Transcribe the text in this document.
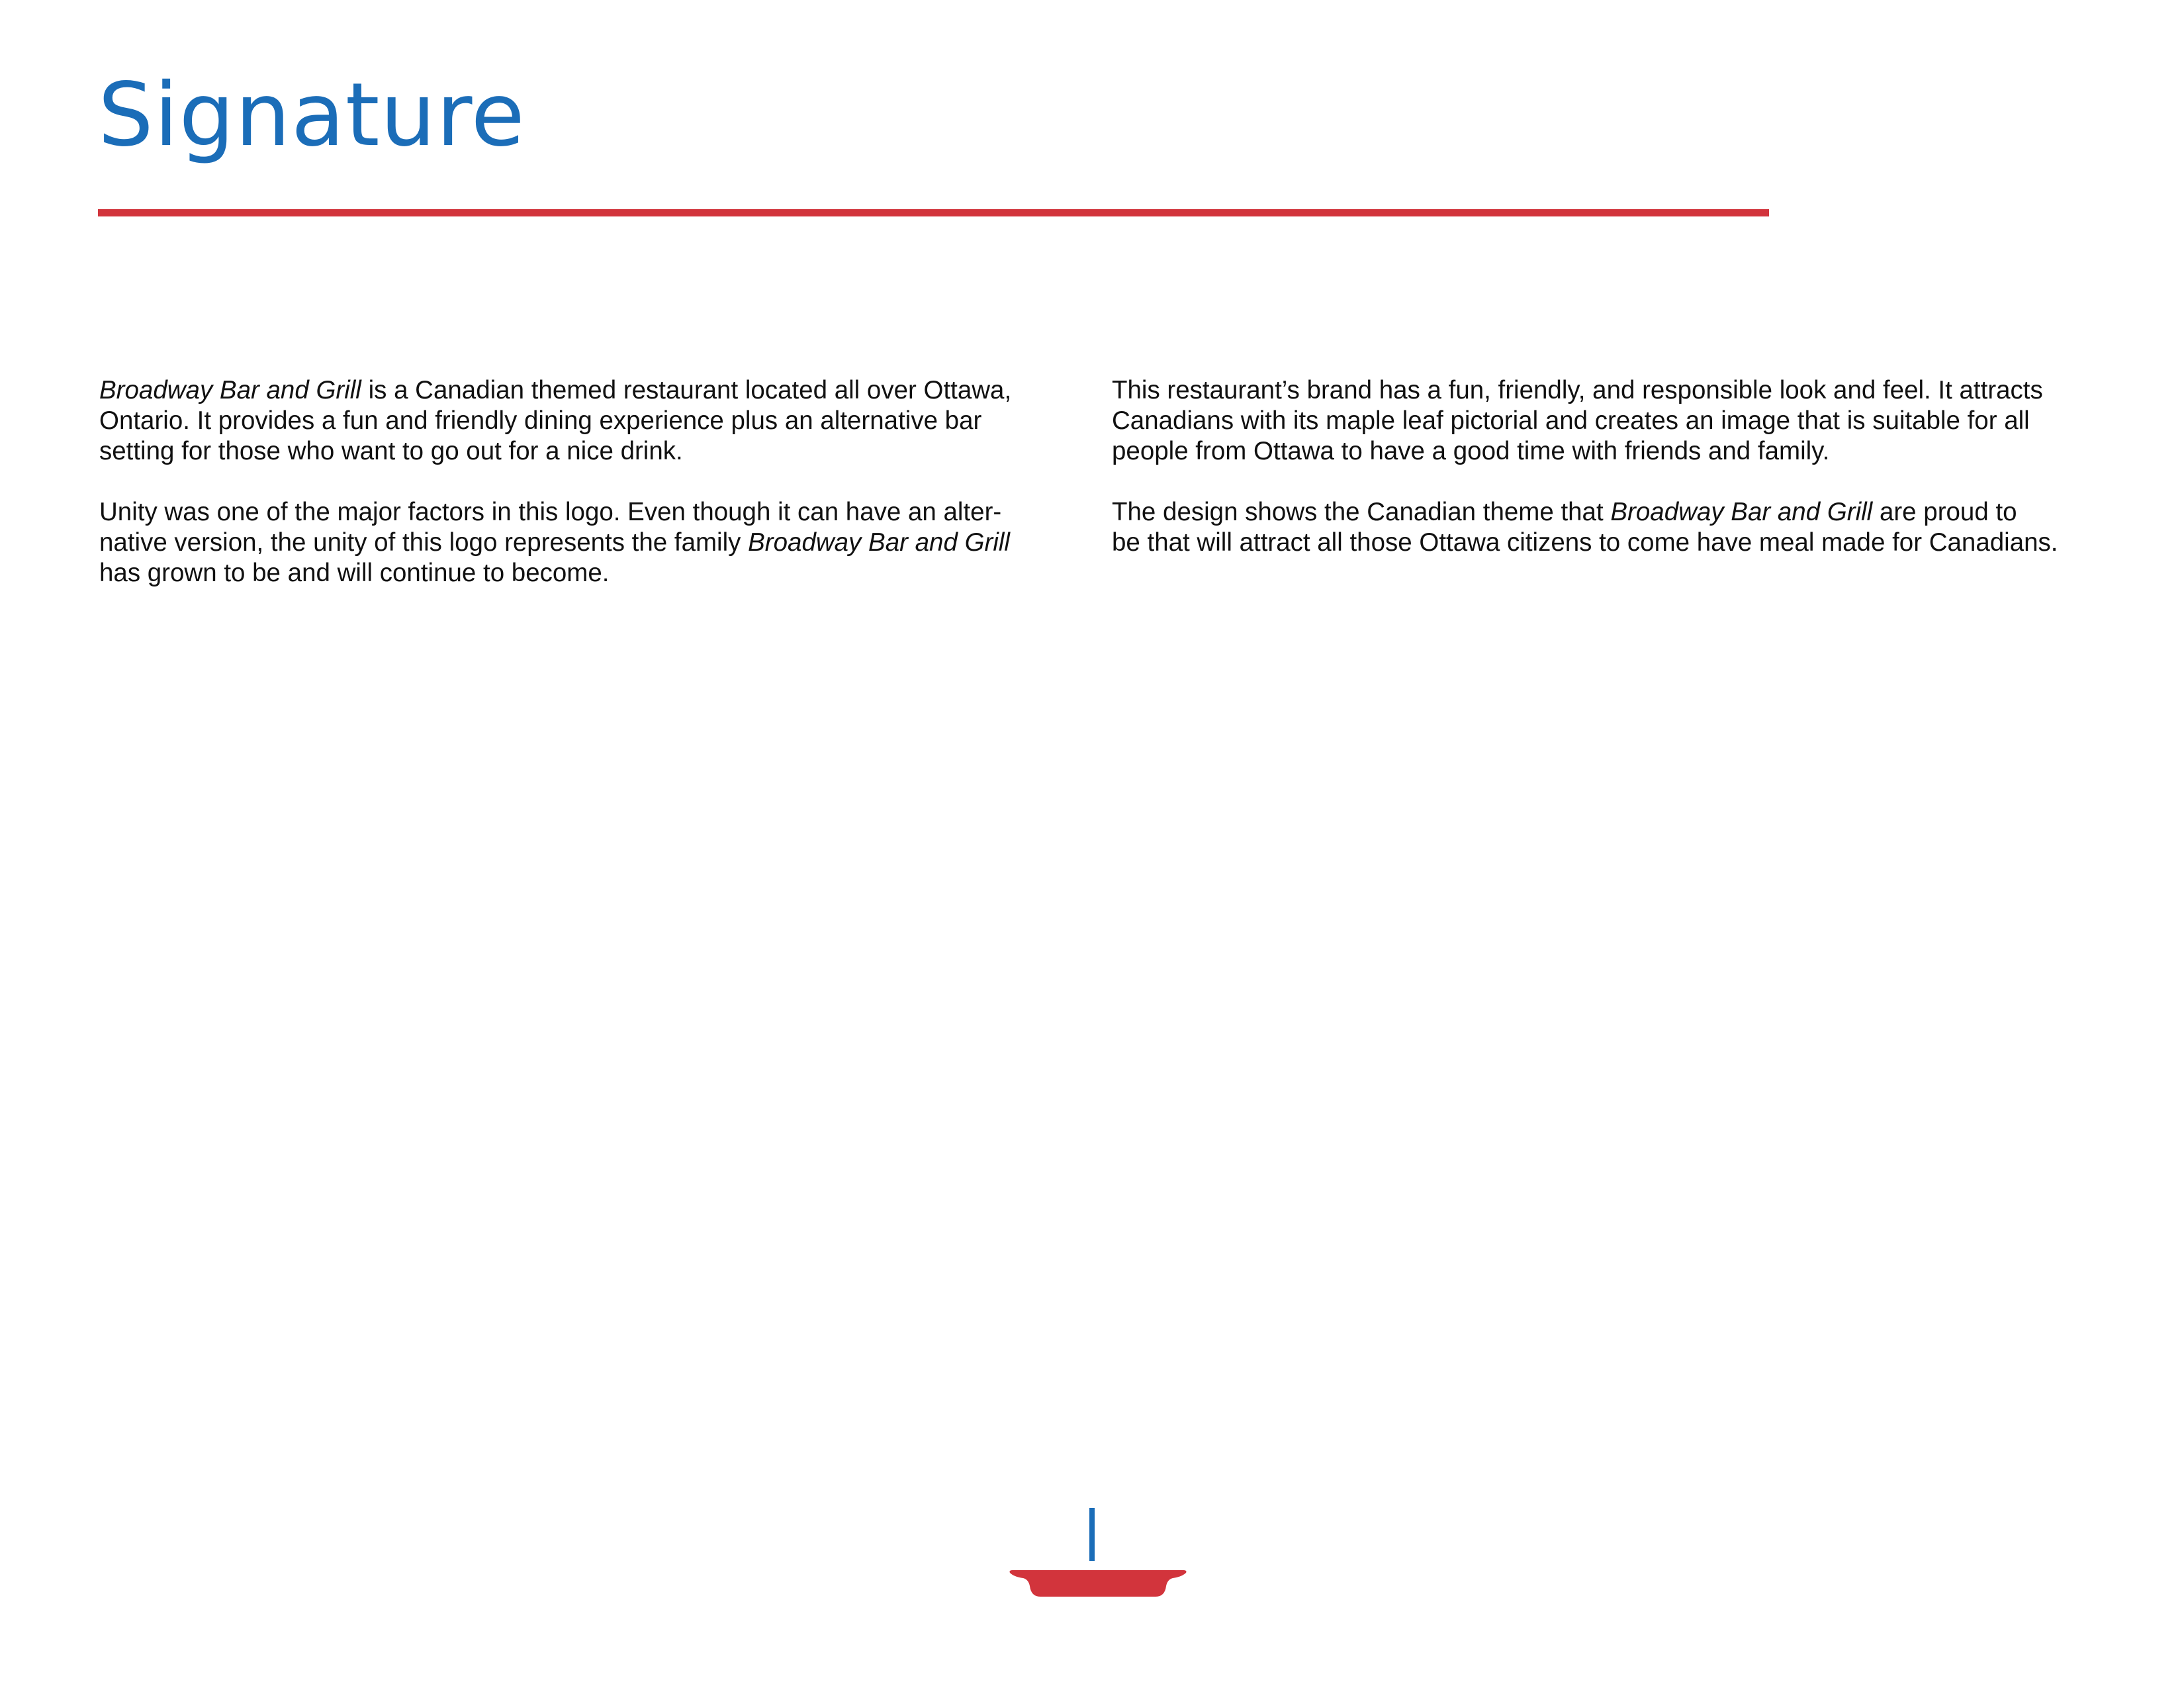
Signature

Broadway Bar and Grill is a Canadian themed restaurant located all over Ottawa,
Ontario. It provides a fun and friendly dining experience plus an alternative bar
setting for those who want to go out for a nice drink.

Unity was one of the major factors in this logo. Even though it can have an alter-
native version, the unity of this logo represents the family Broadway Bar and Grill
has grown to be and will continue to become.

This restaurant’s brand has a fun, friendly, and responsible look and feel. It attracts
Canadians with its maple leaf pictorial and creates an image that is suitable for all
people from Ottawa to have a good time with friends and family.

The design shows the Canadian theme that Broadway Bar and Grill are proud to
be that will attract all those Ottawa citizens to come have meal made for Canadians.
